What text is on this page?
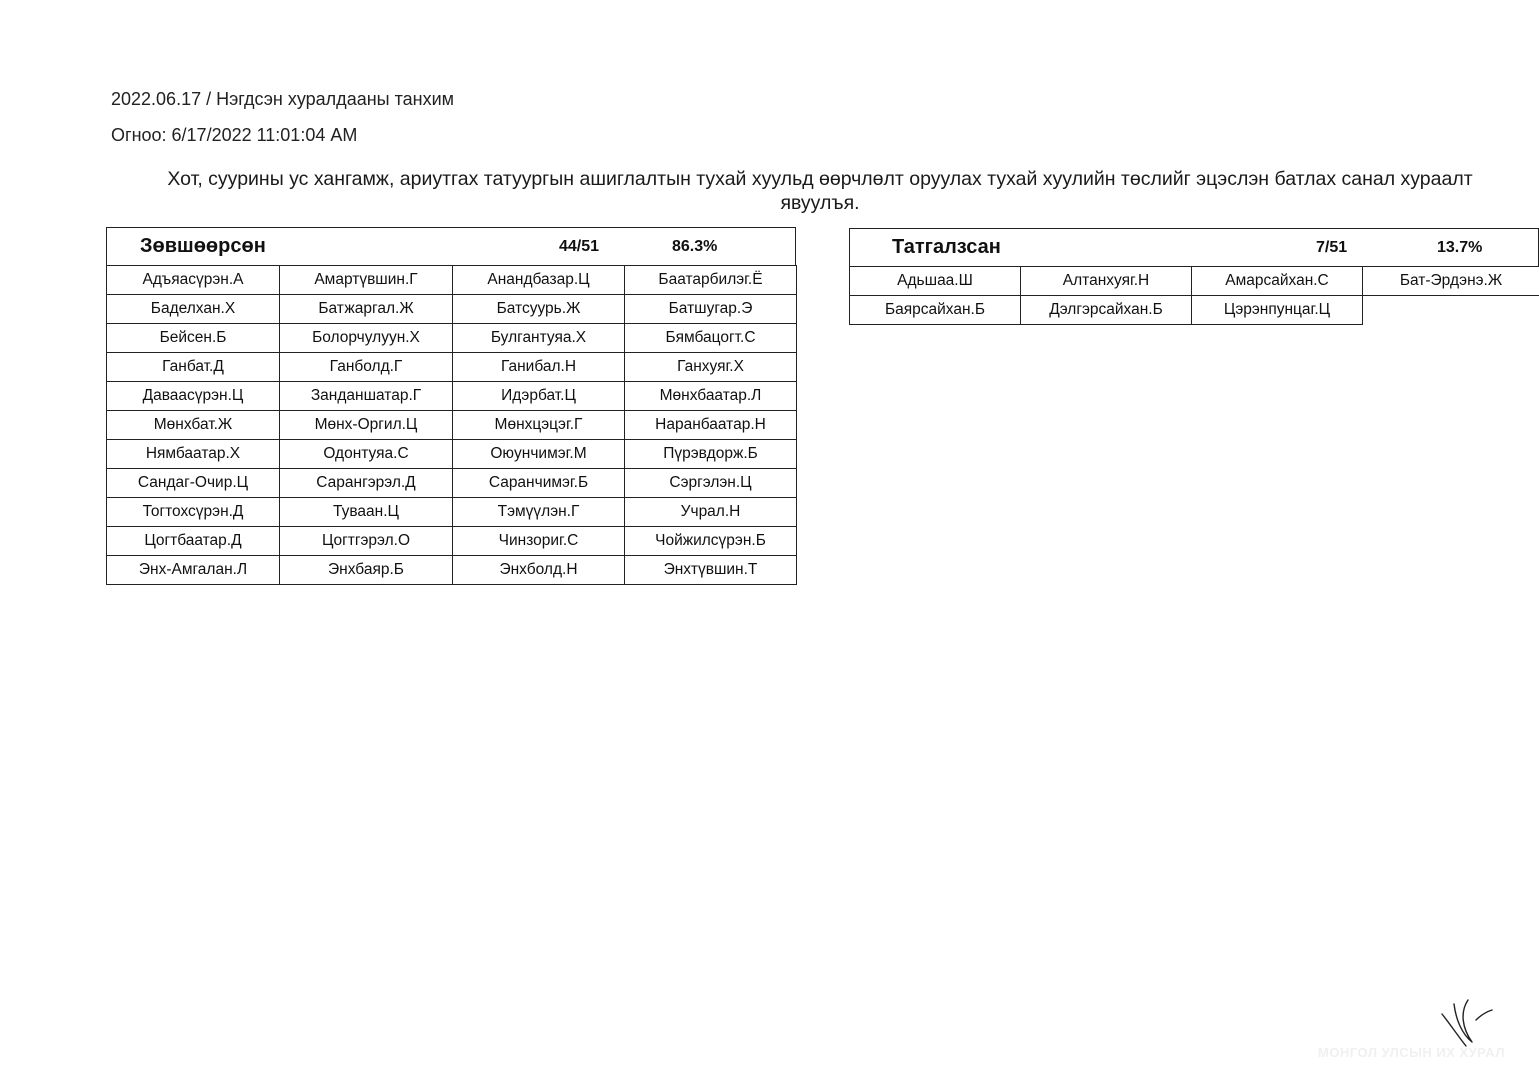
2022.06.17 / Нэгдсэн хуралдааны танхим
Огноо: 6/17/2022 11:01:04 AM
Хот, суурины ус хангамж, ариутгах татуургын ашиглалтын тухай хуульд өөрчлөлт оруулах тухай хуулийн төслийг эцэслэн батлах санал хураалт явуулъя.
Зөвшөөрсөн	44/51	86.3%
Адъяасүрэн.А	Амартүвшин.Г	Анандбазар.Ц	Баатарбилэг.Ё
Баделхан.Х	Батжаргал.Ж	Батсуурь.Ж	Батшугар.Э
Бейсен.Б	Болорчулуун.Х	Булгантуяа.Х	Бямбацогт.С
Ганбат.Д	Ганболд.Г	Ганибал.Н	Ганхуяг.Х
Даваасүрэн.Ц	Занданшатар.Г	Идэрбат.Ц	Мөнхбаатар.Л
Мөнхбат.Ж	Мөнх-Оргил.Ц	Мөнхцэцэг.Г	Наранбаатар.Н
Нямбаатар.Х	Одонтуяа.С	Оюунчимэг.М	Пүрэвдорж.Б
Сандаг-Очир.Ц	Сарангэрэл.Д	Саранчимэг.Б	Сэргэлэн.Ц
Тогтохсүрэн.Д	Туваан.Ц	Тэмүүлэн.Г	Учрал.Н
Цогтбаатар.Д	Цогтгэрэл.О	Чинзориг.С	Чойжилсүрэн.Б
Энх-Амгалан.Л	Энхбаяр.Б	Энхболд.Н	Энхтүвшин.Т
Татгалзсан	7/51	13.7%
Адьшаа.Ш	Алтанхуяг.Н	Амарсайхан.С	Бат-Эрдэнэ.Ж
Баярсайхан.Б	Дэлгэрсайхан.Б	Цэрэнпунцаг.Ц	
МОНГОЛ УЛСЫН ИХ ХУРАЛ
